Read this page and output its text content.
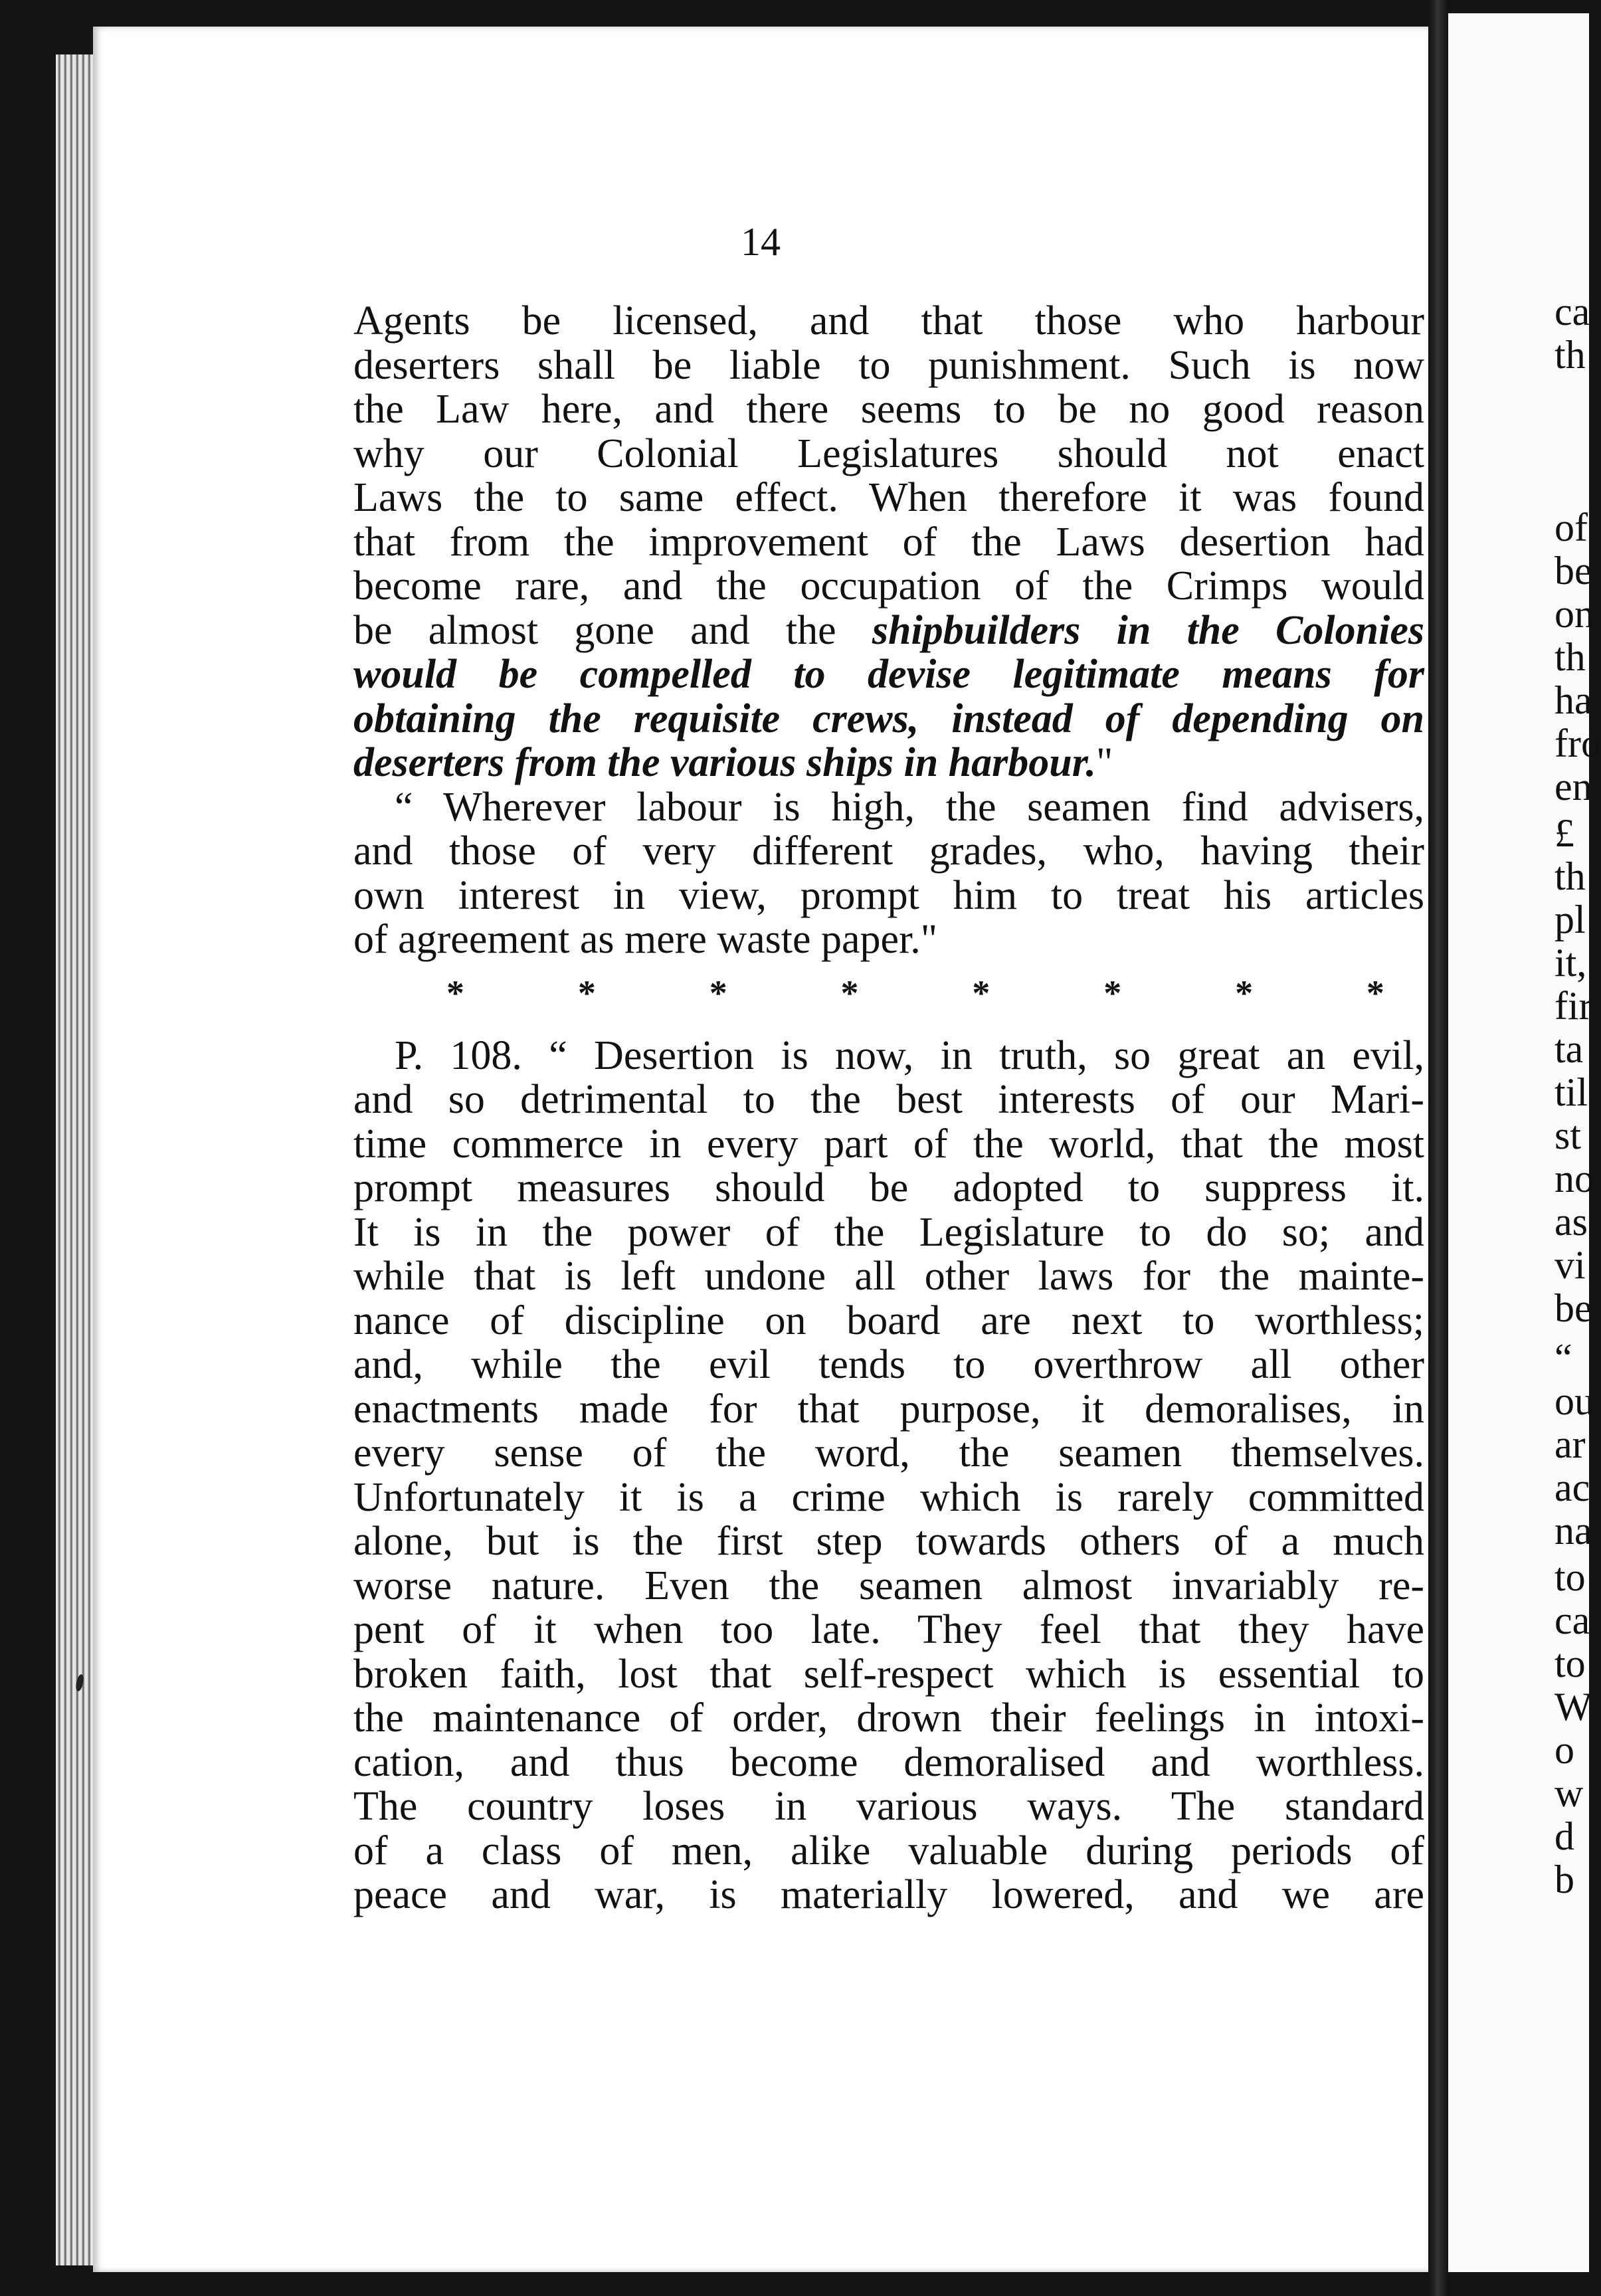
14
Agents be licensed, and that those who harbour
deserters shall be liable to punishment. Such is now
the Law here, and there seems to be no good reason
why our Colonial Legislatures should not enact
Laws the to same effect. When therefore it was found
that from the improvement of the Laws desertion had
become rare, and the occupation of the Crimps would
be almost gone and the shipbuilders in the Colonies
would be compelled to devise legitimate means for
obtaining the requisite crews, instead of depending on
deserters from the various ships in harbour."
“ Wherever labour is high, the seamen find advisers,
and those of very different grades, who, having their
own interest in view, prompt him to treat his articles
of agreement as mere waste paper."
*	*	*	*	*	*	*	*
P. 108. “ Desertion is now, in truth, so great an evil,
and so detrimental to the best interests of our Mari-
time commerce in every part of the world, that the most
prompt measures should be adopted to suppress it.
It is in the power of the Legislature to do so; and
while that is left undone all other laws for the mainte-
nance of discipline on board are next to worthless;
and, while the evil tends to overthrow all other
enactments made for that purpose, it demoralises, in
every sense of the word, the seamen themselves.
Unfortunately it is a crime which is rarely committed
alone, but is the first step towards others of a much
worse nature. Even the seamen almost invariably re-
pent of it when too late. They feel that they have
broken faith, lost that self-respect which is essential to
the maintenance of order, drown their feelings in intoxi-
cation, and thus become demoralised and worthless.
The country loses in various ways. The standard
of a class of men, alike valuable during periods of
peace and war, is materially lowered, and we are
ca
th
of
be
on
th
ha
fro
en
£
th
pl
it,
fir
ta
til
st
no
as
vi
be
“
ou
ar
ac
na
to
ca
to
W
o
w
d
b
